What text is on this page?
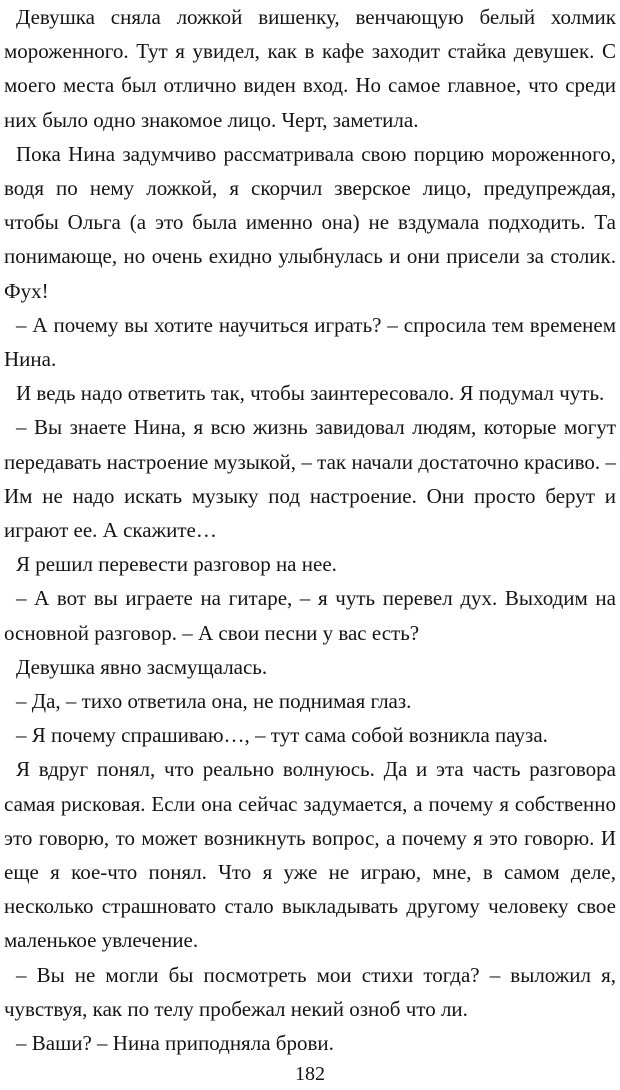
Девушка сняла ложкой вишенку, венчающую белый холмик мороженного. Тут я увидел, как в кафе заходит стайка девушек. С моего места был отлично виден вход. Но самое главное, что среди них было одно знакомое лицо. Черт, заметила.

Пока Нина задумчиво рассматривала свою порцию мороженного, водя по нему ложкой, я скорчил зверское лицо, предупреждая, чтобы Ольга (а это была именно она) не вздумала подходить. Та понимающе, но очень ехидно улыбнулась и они присели за столик. Фух!

– А почему вы хотите научиться играть? – спросила тем временем Нина.

И ведь надо ответить так, чтобы заинтересовало. Я подумал чуть.

– Вы знаете Нина, я всю жизнь завидовал людям, которые могут передавать настроение музыкой, – так начали достаточно красиво. – Им не надо искать музыку под настроение. Они просто берут и играют ее. А скажите…

Я решил перевести разговор на нее.

– А вот вы играете на гитаре, – я чуть перевел дух. Выходим на основной разговор. – А свои песни у вас есть?

Девушка явно засмущалась.

– Да, – тихо ответила она, не поднимая глаз.

– Я почему спрашиваю…, – тут сама собой возникла пауза.

Я вдруг понял, что реально волнуюсь. Да и эта часть разговора самая рисковая. Если она сейчас задумается, а почему я собственно это говорю, то может возникнуть вопрос, а почему я это говорю. И еще я кое-что понял. Что я уже не играю, мне, в самом деле, несколько страшновато стало выкладывать другому человеку свое маленькое увлечение.

– Вы не могли бы посмотреть мои стихи тогда? – выложил я, чувствуя, как по телу пробежал некий озноб что ли.

– Ваши? – Нина приподняла брови.

182
